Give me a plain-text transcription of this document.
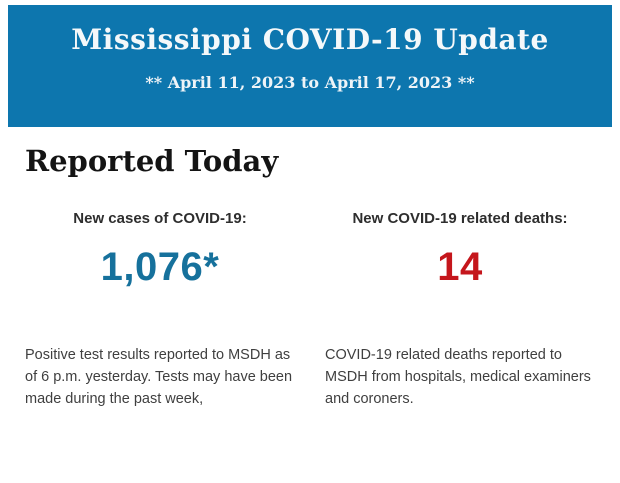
Mississippi COVID-19 Update
** April 11, 2023 to April 17, 2023 **
Reported Today
New cases of COVID-19:
1,076*

Positive test results reported to MSDH as of 6 p.m. yesterday. Tests may have been made during the past week,

New COVID-19 related deaths:
14

COVID-19 related deaths reported to MSDH from hospitals, medical examiners and coroners.
